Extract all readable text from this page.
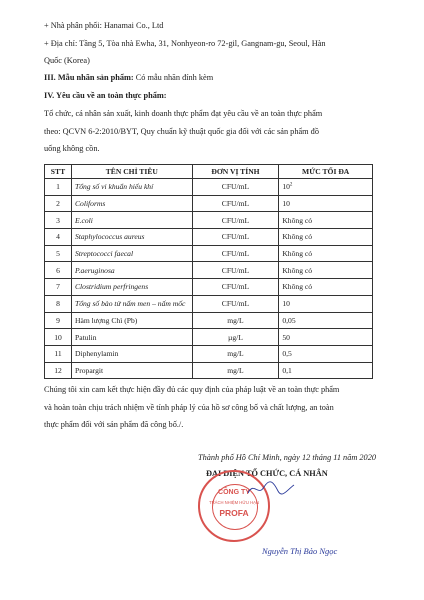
+ Nhà phân phối: Hanamai Co., Ltd
+ Địa chỉ: Tầng 5, Tòa nhà Ewha, 31, Nonhyeon-ro 72-gil, Gangnam-gu, Seoul, Hàn
Quốc (Korea)
III. Mẫu nhãn sản phẩm: Có mẫu nhãn đính kèm
IV. Yêu cầu về an toàn thực phẩm:
Tổ chức, cá nhân sản xuất, kinh doanh thực phẩm đạt yêu cầu về an toàn thực phẩm
theo: QCVN 6-2:2010/BYT, Quy chuẩn kỹ thuật quốc gia đối với các sản phẩm đồ
uống không cồn.
STT	TÊN CHỈ TIÊU	ĐƠN VỊ TÍNH	MỨC TỐI ĐA
1	Tổng số vi khuẩn hiếu khí	CFU/mL	$10^2$
2	Coliforms	CFU/mL	10
3	E.coli	CFU/mL	Không có
4	Staphylococcus aureus	CFU/mL	Không có
5	Streptococci faecal	CFU/mL	Không có
6	P.aeruginosa	CFU/mL	Không có
7	Clostridium perfringens	CFU/mL	Không có
8	Tổng số bào tử nấm men – nấm mốc	CFU/mL	10
9	Hàm lượng Chì (Pb)	mg/L	0,05
10	Patulin	µg/L	50
11	Diphenylamin	mg/L	0,5
12	Propargit	mg/L	0,1
Chúng tôi xin cam kết thực hiện đầy đủ các quy định của pháp luật về an toàn thực phẩm
và hoàn toàn chịu trách nhiệm về tính pháp lý của hồ sơ công bố và chất lượng, an toàn
thực phẩm đối với sản phẩm đã công bố./.
Thành phố Hồ Chí Minh, ngày 12 tháng 11 năm 2020
ĐẠI DIỆN TỔ CHỨC, CÁ NHÂN
CÔNG TY
TRÁCH NHIỆM HỮU HẠN
PROFA
Nguyễn Thị Bảo Ngọc
